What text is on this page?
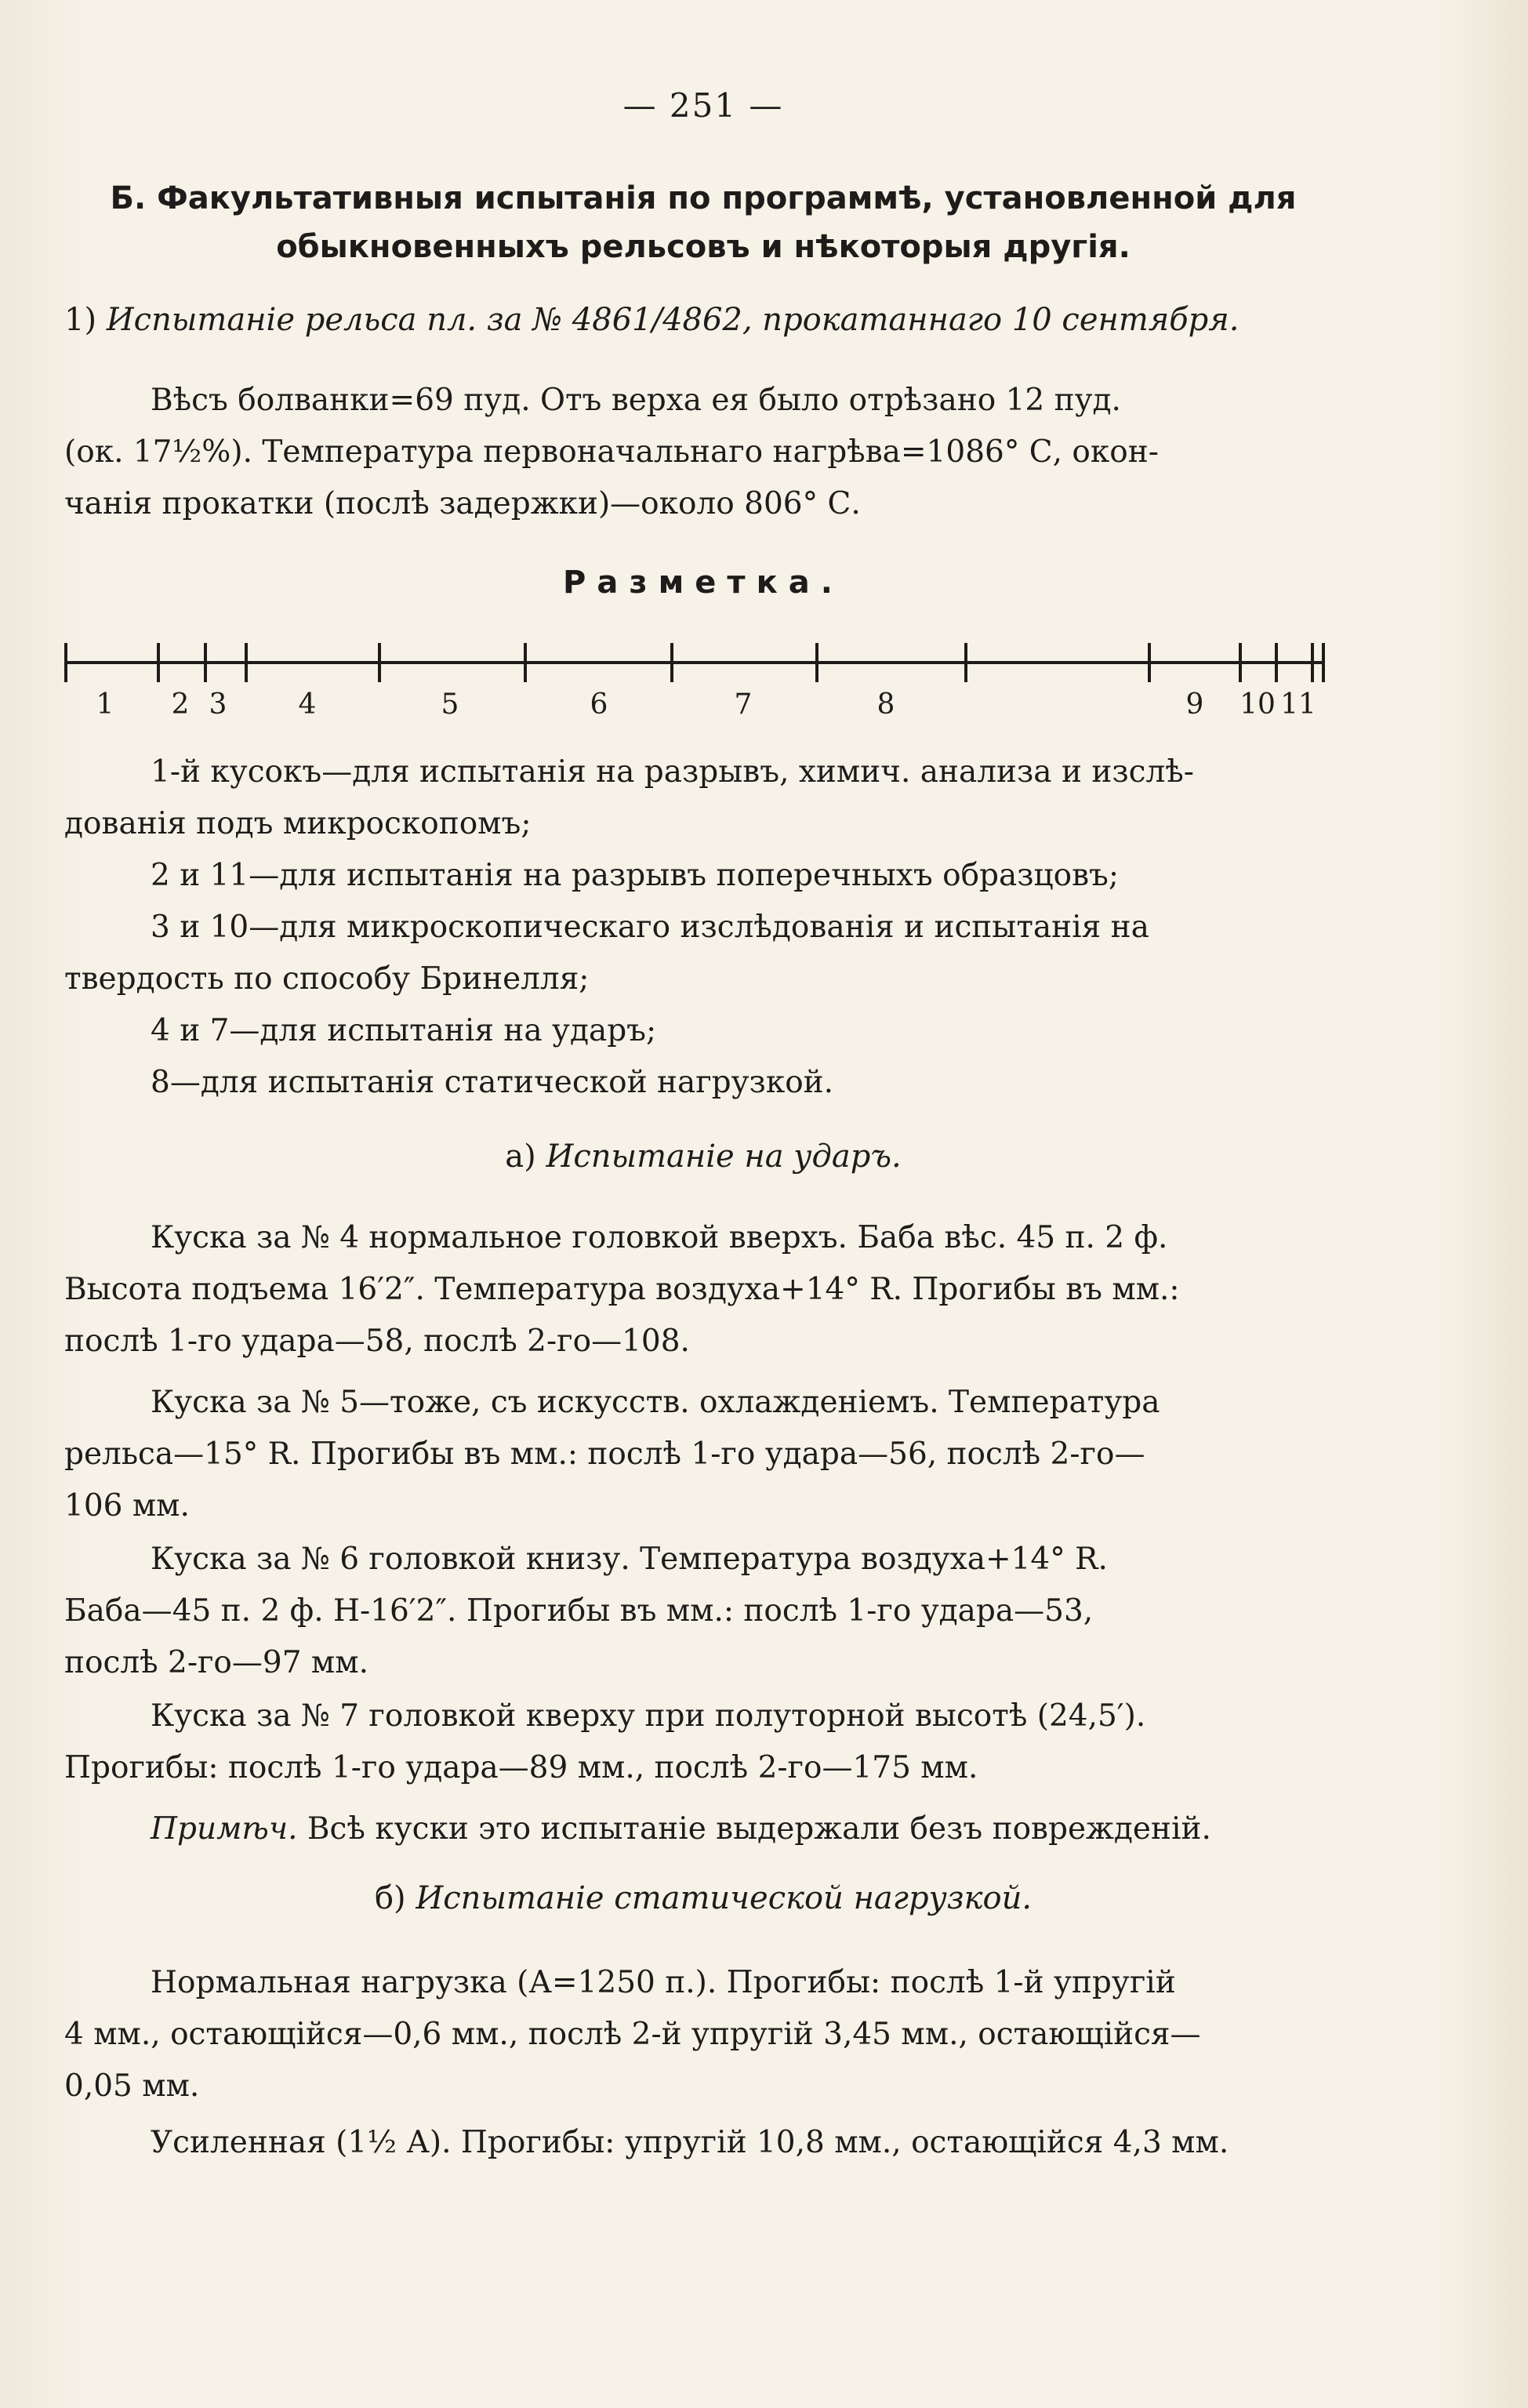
— 251 —
Б. Факультативныя испытанія по программѣ, установленной для
обыкновенныхъ рельсовъ и нѣкоторыя другія.
1) Испытаніе рельса пл. за № 4861/4862, прокатаннаго 10 сентября.
Вѣсъ болванки=69 пуд. Отъ верха ея было отрѣзано 12 пуд.
(ок. 17½%). Температура первоначальнаго нагрѣва=1086° С, окон-
чанія прокатки (послѣ задержки)—около 806° С.
Разметка.
1 2 3	4	5	6	7	8	9 10 11
1-й кусокъ—для испытанія на разрывъ, химич. анализа и изслѣ-
дованія подъ микроскопомъ;
2 и 11—для испытанія на разрывъ поперечныхъ образцовъ;
3 и 10—для микроскопическаго изслѣдованія и испытанія на
твердость по способу Бринелля;
4 и 7—для испытанія на ударъ;
8—для испытанія статической нагрузкой.
а) Испытаніе на ударъ.
Куска за № 4 нормальное головкой вверхъ. Баба вѣс. 45 п. 2 ф.
Высота подъема 16′2″. Температура воздуха+14° R. Прогибы въ мм.:
послѣ 1-го удара—58, послѣ 2-го—108.
Куска за № 5—тоже, съ искусств. охлажденіемъ. Температура
рельса—15° R. Прогибы въ мм.: послѣ 1-го удара—56, послѣ 2-го—
106 мм.
Куска за № 6 головкой книзу. Температура воздуха+14° R.
Баба—45 п. 2 ф. Н-16′2″. Прогибы въ мм.: послѣ 1-го удара—53,
послѣ 2-го—97 мм.
Куска за № 7 головкой кверху при полуторной высотѣ (24,5′).
Прогибы: послѣ 1-го удара—89 мм., послѣ 2-го—175 мм.
Примѣч. Всѣ куски это испытаніе выдержали безъ поврежденій.
б) Испытаніе статической нагрузкой.
Нормальная нагрузка (А=1250 п.). Прогибы: послѣ 1-й упругій
4 мм., остающійся—0,6 мм., послѣ 2-й упругій 3,45 мм., остающійся—
0,05 мм.
Усиленная (1½ А). Прогибы: упругій 10,8 мм., остающійся 4,3 мм.
